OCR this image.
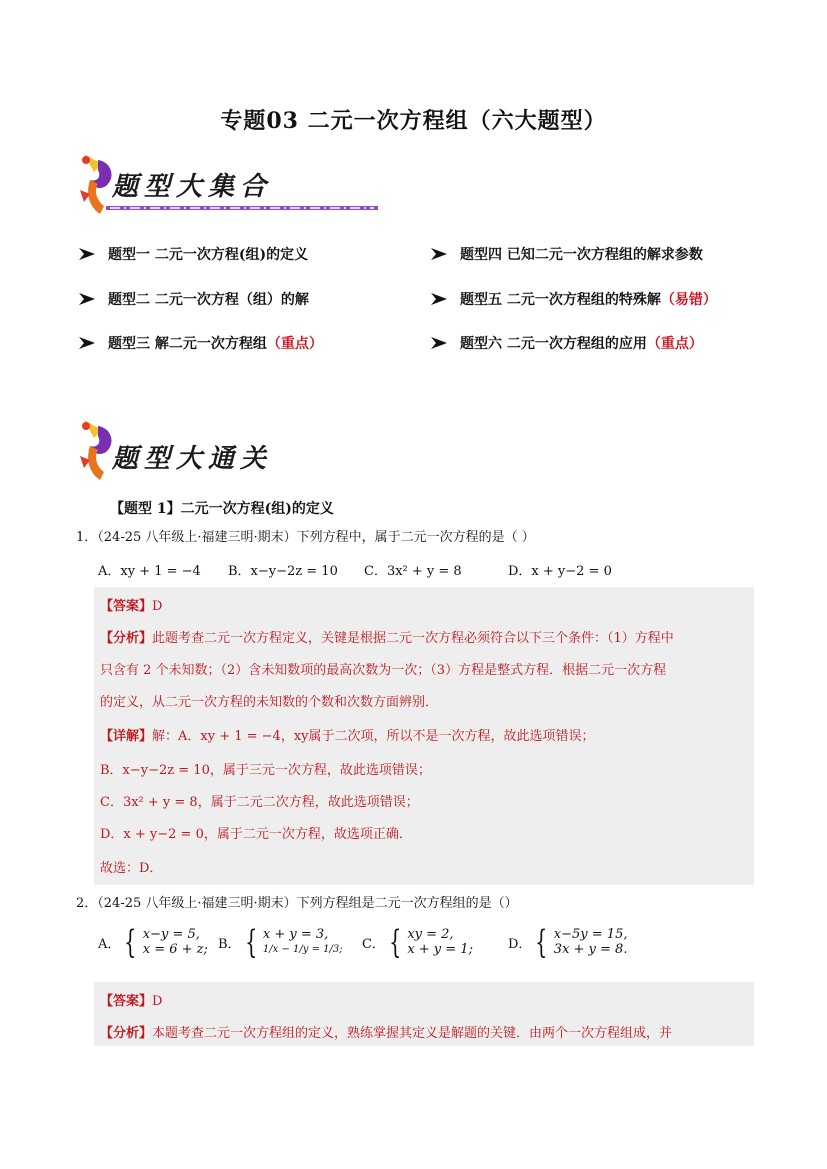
专题03 二元一次方程组（六大题型）
题型大集合
题型一 二元一次方程(组)的定义
题型二 二元一次方程（组）的解
题型三 解二元一次方程组 （重点）
题型四 已知二元一次方程组的解求参数
题型五 二元一次方程组的特殊解 （易错）
题型六 二元一次方程组的应用 （重点）
题型大通关
【题型 1】二元一次方程(组)的定义
1．（24-25 八年级上·福建三明·期末）下列方程中，属于二元一次方程的是（ ）
A．xy + 1 = −4 B．x−y−2z = 10 C．3x² + y = 8	D．x + y−2 = 0
【答案】D
【分析】此题考查二元一次方程定义，关键是根据二元一次方程必须符合以下三个条件：（1）方程中
只含有 2 个未知数；（2）含未知数项的最高次数为一次；（3）方程是整式方程．根据二元一次方程
的定义，从二元一次方程的未知数的个数和次数方面辨别．
【详解】解：A．xy + 1 = −4，xy属于二次项，所以不是一次方程，故此选项错误；
B．x−y−2z = 10，属于三元一次方程，故此选项错误；
C．3x² + y = 8，属于二元二次方程，故此选项错误；
D．x + y−2 = 0，属于二元一次方程，故选项正确．
故选：D．
2．（24-25 八年级上·福建三明·期末）下列方程组是二元一次方程组的是（）
A． { x−y = 5,
x = 6 + z; B． { x + y = 3,
1/x − 1/y = 1/3; C． { xy = 2,
x + y = 1;	D． { x−5y = 15,
3x + y = 8.
【答案】D
【分析】本题考查二元一次方程组的定义，熟练掌握其定义是解题的关键．由两个一次方程组成，并
